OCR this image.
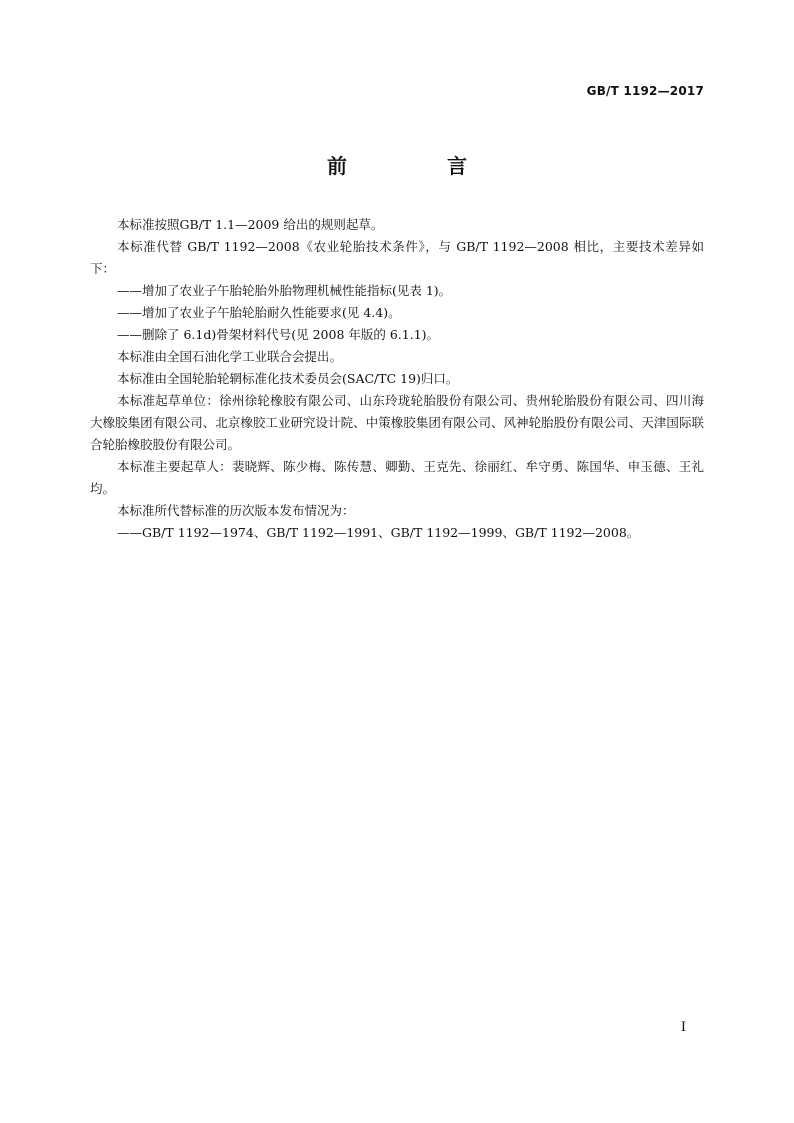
GB/T 1192—2017
前　言

本标准按照GB/T 1.1—2009 给出的规则起草。

本标准代替 GB/T 1192—2008《农业轮胎技术条件》，与 GB/T 1192—2008 相比，主要技术差异如下：

——增加了农业子午胎轮胎外胎物理机械性能指标(见表 1)。

——增加了农业子午胎轮胎耐久性能要求(见 4.4)。

——删除了 6.1d)骨架材料代号(见 2008 年版的 6.1.1)。

本标准由全国石油化学工业联合会提出。

本标准由全国轮胎轮辋标准化技术委员会(SAC/TC 19)归口。

本标准起草单位：徐州徐轮橡胶有限公司、山东玲珑轮胎股份有限公司、贵州轮胎股份有限公司、四川海大橡胶集团有限公司、北京橡胶工业研究设计院、中策橡胶集团有限公司、风神轮胎股份有限公司、天津国际联合轮胎橡胶股份有限公司。

本标准主要起草人：裴晓辉、陈少梅、陈传慧、卿勤、王克先、徐丽红、牟守勇、陈国华、申玉德、王礼均。

本标准所代替标准的历次版本发布情况为：

——GB/T 1192—1974、GB/T 1192—1991、GB/T 1192—1999、GB/T 1192—2008。

I
